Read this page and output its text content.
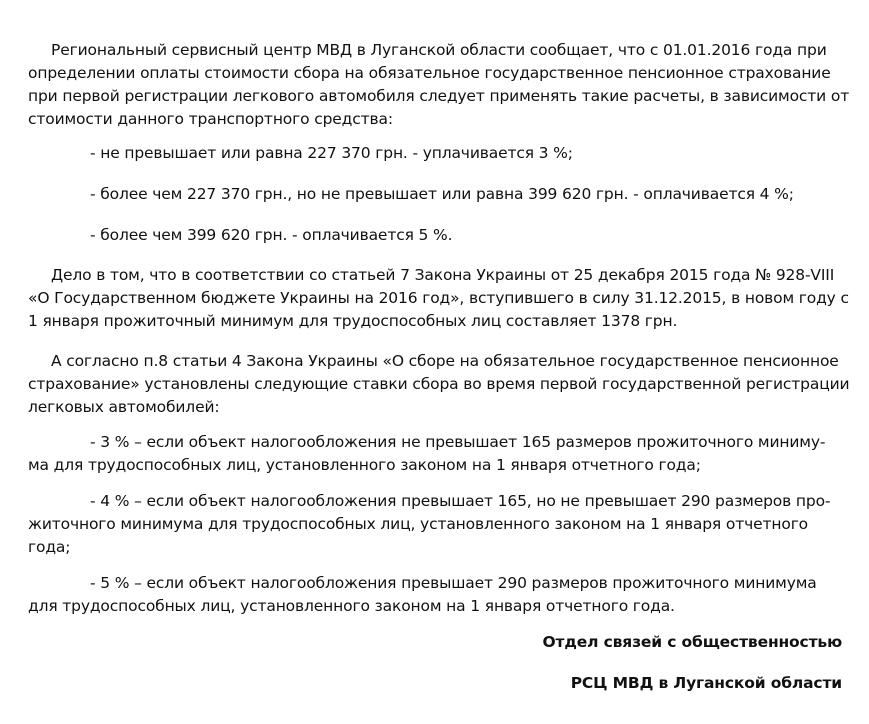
Региональный сервисный центр МВД в Луганской области сообщает, что с 01.01.2016 года при
определении оплаты стоимости сбора на обязательное государственное пенсионное страхование
при первой регистрации легкового автомобиля следует применять такие расчеты, в зависимости от
стоимости данного транспортного средства:
- не превышает или равна 227 370 грн. - уплачивается 3 %;
- более чем 227 370 грн., но не превышает или равна 399 620 грн. - оплачивается 4 %;
- более чем 399 620 грн. - оплачивается 5 %.
Дело в том, что в соответствии со статьей 7 Закона Украины от 25 декабря 2015 года № 928-VIII
«О Государственном бюджете Украины на 2016 год», вступившего в силу 31.12.2015, в новом году с
1 января прожиточный минимум для трудоспособных лиц составляет 1378 грн.
А согласно п.8 статьи 4 Закона Украины «О сборе на обязательное государственное пенсионное
страхование» установлены следующие ставки сбора во время первой государственной регистрации
легковых автомобилей:
- 3 % – если объект налогообложения не превышает 165 размеров прожиточного миниму-
ма для трудоспособных лиц, установленного законом на 1 января отчетного года;
- 4 % – если объект налогообложения превышает 165, но не превышает 290 размеров про-
житочного минимума для трудоспособных лиц, установленного законом на 1 января отчетного
года;
- 5 % – если объект налогообложения превышает 290 размеров прожиточного минимума
для трудоспособных лиц, установленного законом на 1 января отчетного года.
Отдел связей с общественностью
РСЦ МВД в Луганской области
